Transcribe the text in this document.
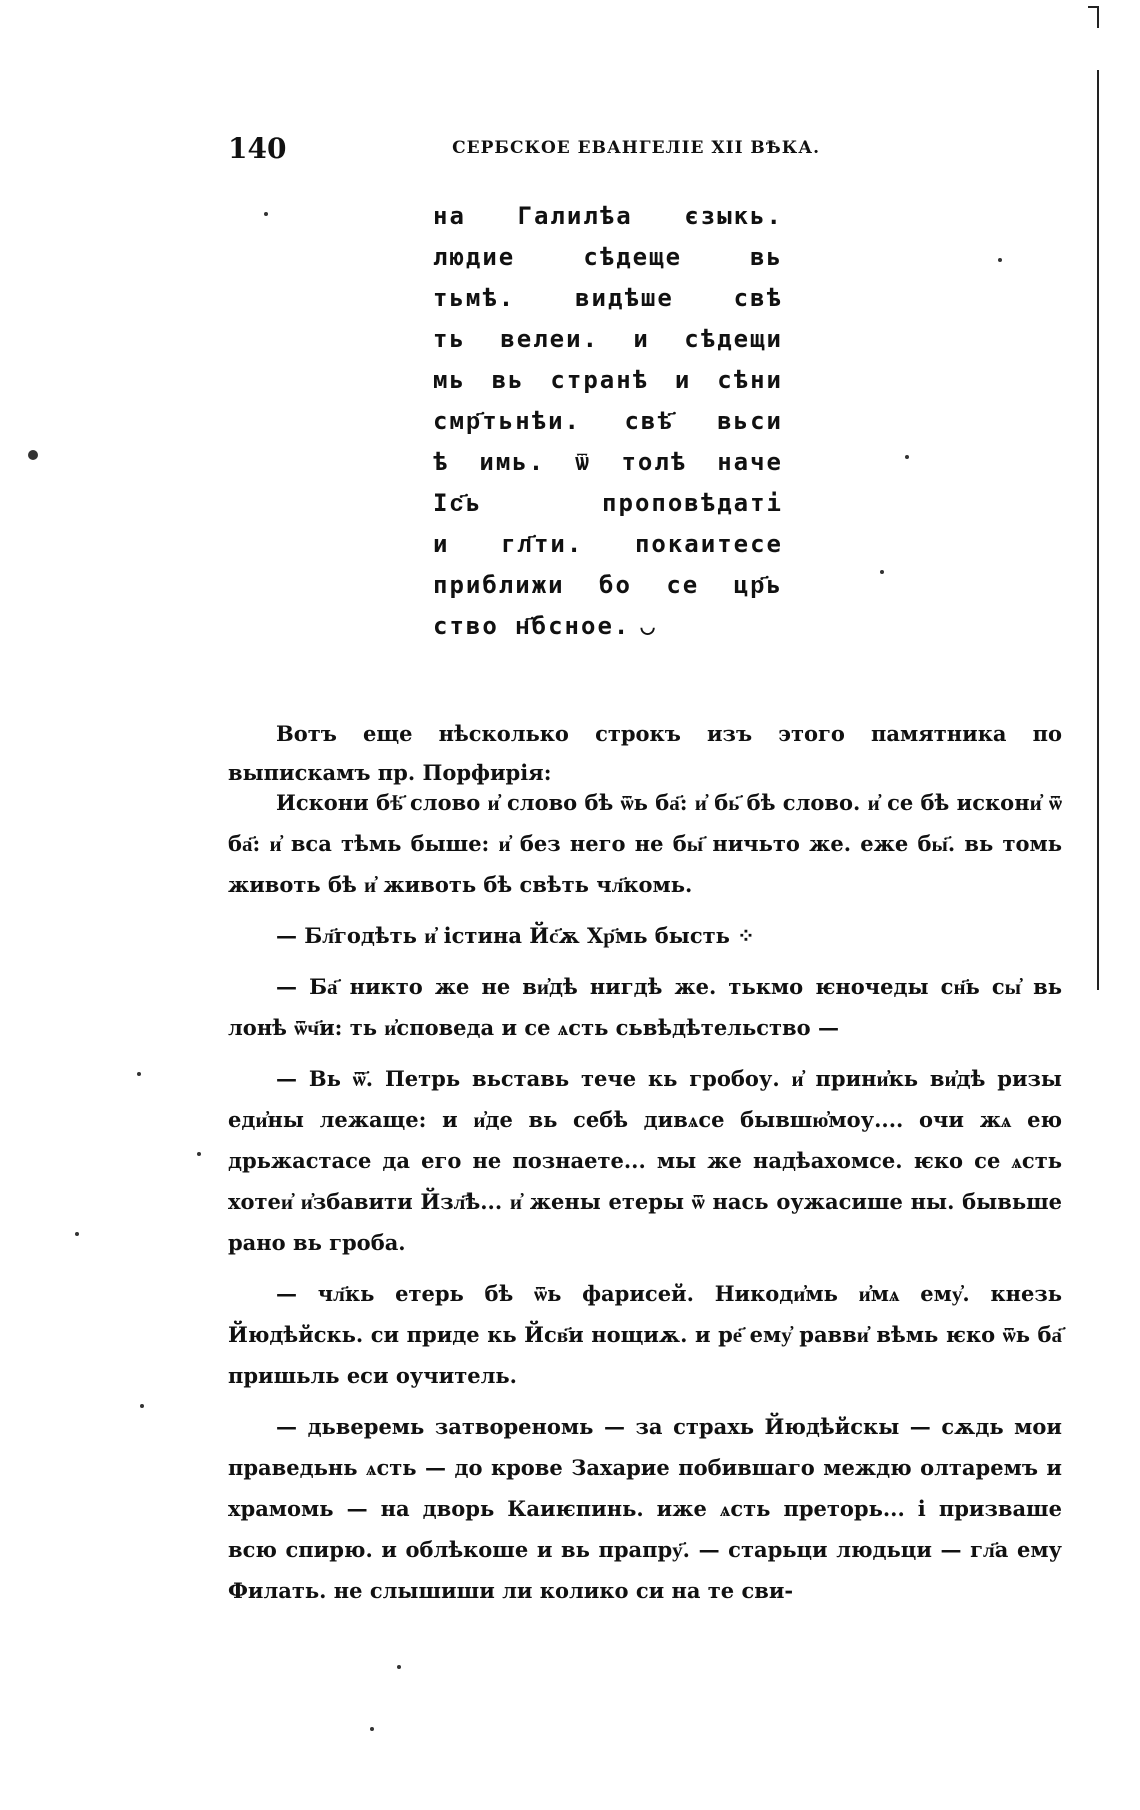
140	СЕРБСКОЕ ЕВАНГЕЛІЕ XII ВѢКА.
на Галилѣа єзыкь.
людие сѣдеще вь
тьмѣ. видѣше свѣ
ть велеи. и сѣдещи
мь вь странѣ и сѣни
смр҃тьнѣи. свѣ҃ вьси
ѣ имь. ѿ толѣ наче
Іс҃ь проповѣдаті
и гл҃ти. покаитесе
приближи бо се цр҃ь
ство н҃бсное. ◡

Вотъ еще нѣсколько строкъ изъ этого памятника по выпискамъ пр. Порфирія:

Искони бѣ҃ слово и҆ слово бѣ ѿь ба҃: и҆ бь҃ бѣ слово. и҆ се бѣ искони҆ ѿ ба҃: и҆ вса тѣмь быше: и҆ без него не бы҃ ничьто же. еже бы҃. вь томь животь бѣ и҆ животь бѣ свѣть чл҃комь.

— Бл҃годѣть и҆ істина Йс҃ѫ Хр҃мь бысть ⁘

— Ба҃ никто же не ви҆дѣ нигдѣ же. тькмо ѥночеды сн҃ь сы҆ вь лонѣ ѿч҃и: ть и҆споведа и се ѧсть сьвѣдѣтельство —

— Вь ѿ҃. Петрь вьставь тече кь гробоу. и҆ прини҆кь ви҆дѣ ризы еди҆ны лежаще: и и҆де вь себѣ дивѧсе бывшю҆моу.... очи жѧ ею дрьжастасе да его не познаете... мы же надѣахомсе. ѥко се ѧсть хотеи҆ и҆збавити Йзл҃ѣ... и҆ жены етеры ѿ нась оужасише ны. бывьше рано вь гроба.

— чл҃кь етерь бѣ ѿь фарисей. Никоди҆мь и҆мѧ ему҆. кнезь Йюдѣйскь. си приде кь Йсв҃и нощиѫ. и ре҃ ему҆ равви҆ вѣмь ѥко ѿь ба҃ пришьль еси оучитель.

— дьверемь затвореномь — за страхь Йюдѣйскы — сѫдь мои праведьнь ѧсть — до крове Захарие побившаго междю олтаремъ и храмомь — на дворь Каиѥпинь. иже ѧсть преторь... і призваше всю спирю. и облѣкоше и вь прапру҃. — старьци людьци — гл҃а ему Филать. не слышиши ли колико си на те сви-
